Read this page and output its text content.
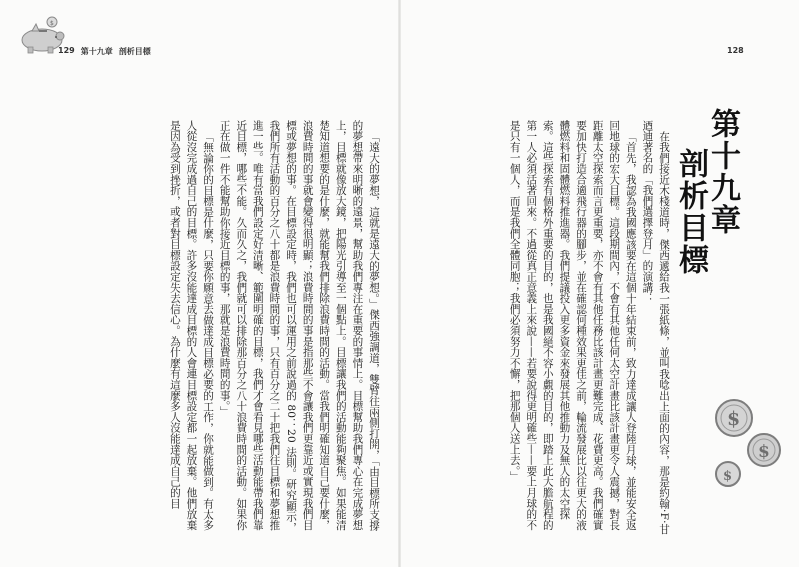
$
129 第十九章 剖析目標	128

「遠大的夢想，這就是遠大的夢想。」傑西強調道，雙臂往兩側打開，「由目標所支撐的夢想帶來明晰的遠景，幫助我們專注在重要的事情上。目標幫助我們專心在完成夢想上，目標就像放大鏡，把陽光引導至一個點上。目標讓我們的活動能夠聚焦。如果能清楚知道想要的是什麼，就能幫我們排除浪費時間的活動。當我們明確知道自己要什麼，浪費時間的事就會變得很明顯；浪費時間的事是指那些不會讓我們更靠近或實現我們目標或夢想的事。在目標設定時，我們也可以運用之前說過的 80：20 法則。研究顯示，我們所有活動的百分之八十都是浪費時間的事，只有百分之二十把我們往目標和夢想推進一些。唯有當我們設定好清晰、範圍明確的目標，我們才會看見哪些活動能帶我們靠近目標，哪些不能。久而久之，我們就可以排除那百分之八十浪費時間的活動。如果你正在做一件不能幫助你接近目標的事，那就是浪費時間的事。」

「無論你的目標是什麼，只要你願意去做達成目標必要的工作，你就能做到。有太多人從沒完成過自己的目標。許多沒能達成目標的人會連目標設定都一起放棄。他們放棄是因為受到挫折，或者對目標設定失去信心。為什麼有這麼多人沒能達成自己的目	在我們接近木棧道時，傑西遞給我一張紙條，並叫我唸出上面的內容，那是約翰·F·甘迺迪著名的「我們選擇登月」的演講：

「首先，我認為我國應該要在這個十年結束前，致力達成讓人登陸月球，並能安全返回地球的宏大目標。這段期間內，不會有其他任何太空計畫比該計畫更令人震撼，對長距離太空探索而言更重要，亦不會有其他任務比該計畫更難完成、花費更高。我們確實要加快打造合適飛行器的腳步，並在確認何種效果更佳之前，輪流發展比以往更大的液體燃料和固體燃料推進器。我們提議投入更多資金來發展其他推動力及無人的太空探索。這些探索有個格外重要的目的，也是我國絕不容小覷的目的，即踏上此大膽航程的第一人必須活著回來。不過從真正意義上來說——若要說得更明確些——要上月球的不是只有一個人，而是我們全體同胞；我們必須努力不懈，把那個人送上去。」	第十九章

剖析目標
$
$
$
